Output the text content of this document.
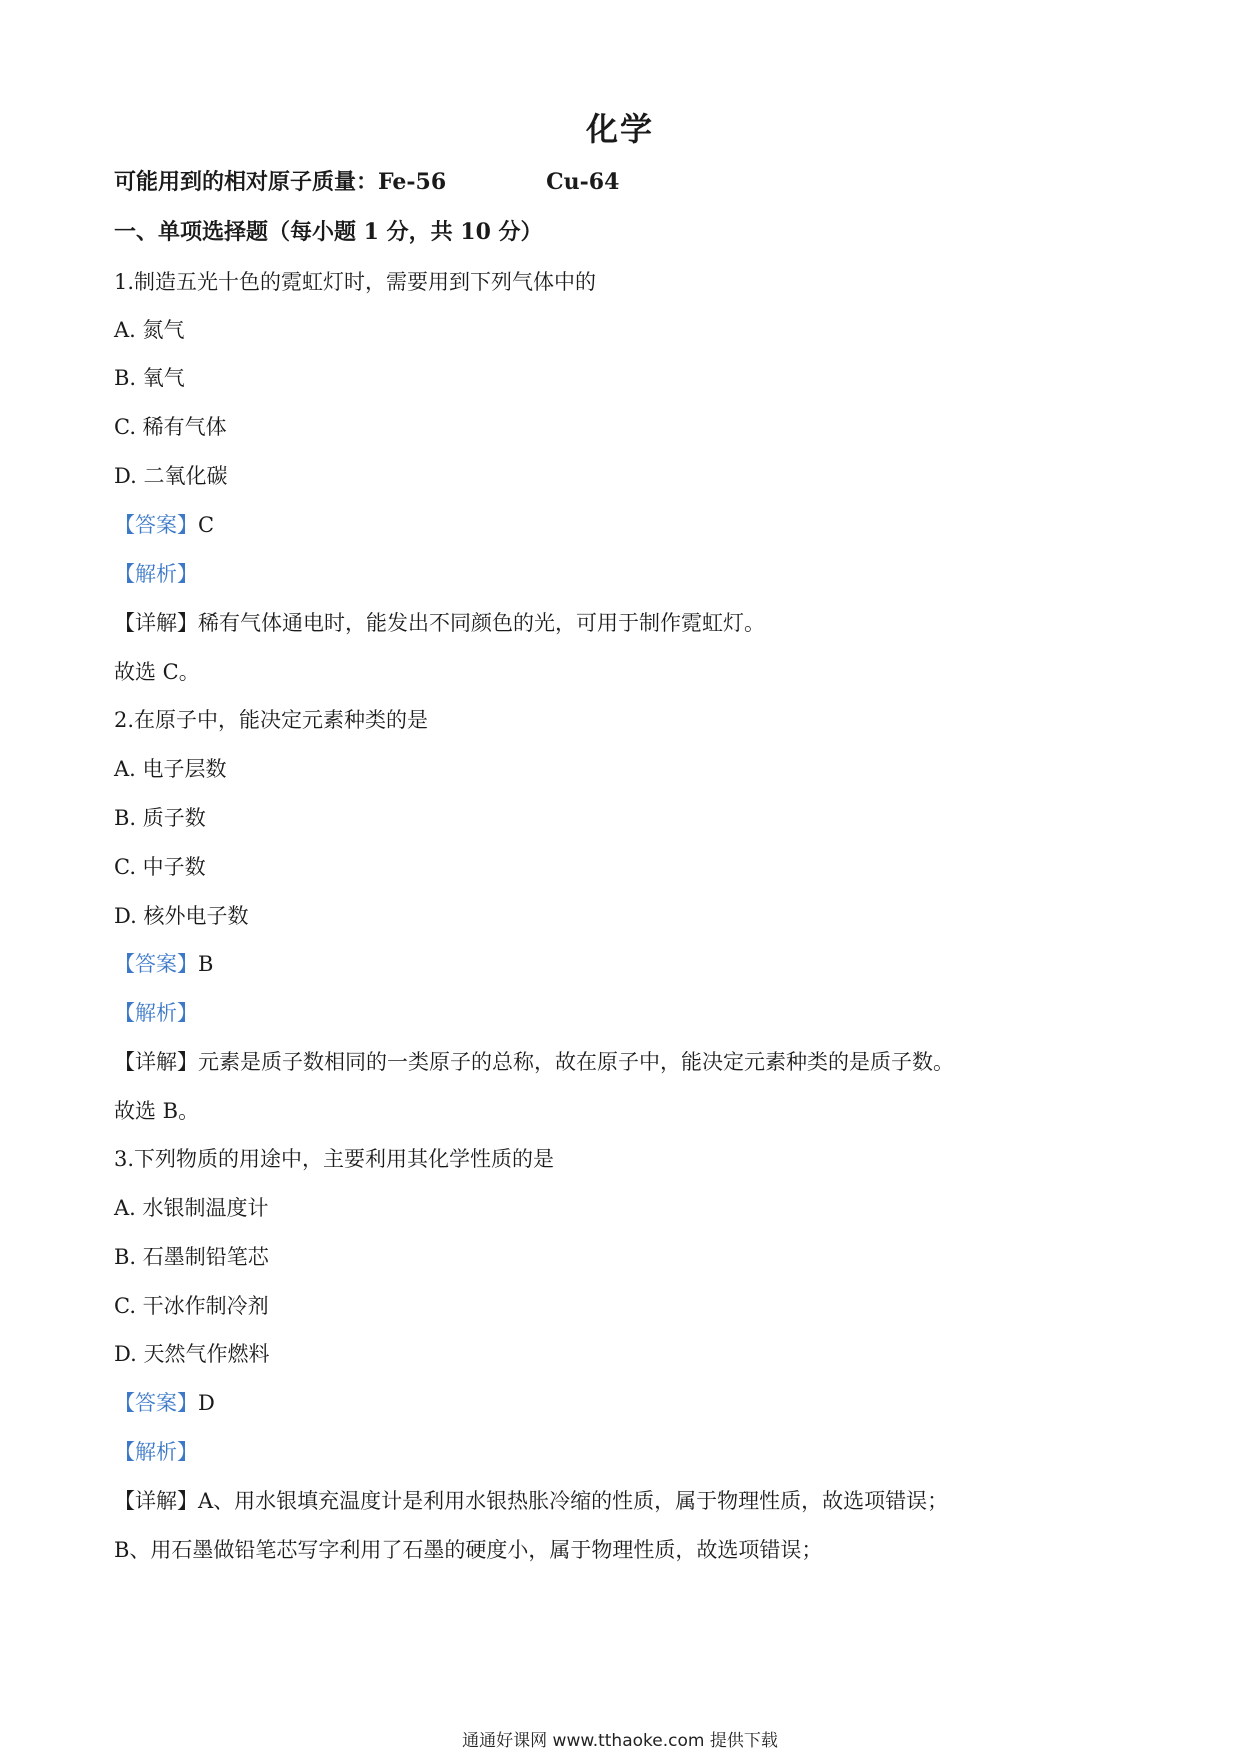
化学
可能用到的相对原子质量：Fe-56	Cu-64
一、单项选择题（每小题 1 分，共 10 分）
1.制造五光十色的霓虹灯时，需要用到下列气体中的
A. 氮气
B. 氧气
C. 稀有气体
D. 二氧化碳
【答案】C
【解析】
【详解】稀有气体通电时，能发出不同颜色的光，可用于制作霓虹灯。
故选 C。
2.在原子中，能决定元素种类的是
A. 电子层数
B. 质子数
C. 中子数
D. 核外电子数
【答案】B
【解析】
【详解】元素是质子数相同的一类原子的总称，故在原子中，能决定元素种类的是质子数。
故选 B。
3.下列物质的用途中，主要利用其化学性质的是
A. 水银制温度计
B. 石墨制铅笔芯
C. 干冰作制冷剂
D. 天然气作燃料
【答案】D
【解析】
【详解】A、用水银填充温度计是利用水银热胀冷缩的性质，属于物理性质，故选项错误；
B、用石墨做铅笔芯写字利用了石墨的硬度小，属于物理性质，故选项错误；
通通好课网 www.tthaoke.com 提供下载
